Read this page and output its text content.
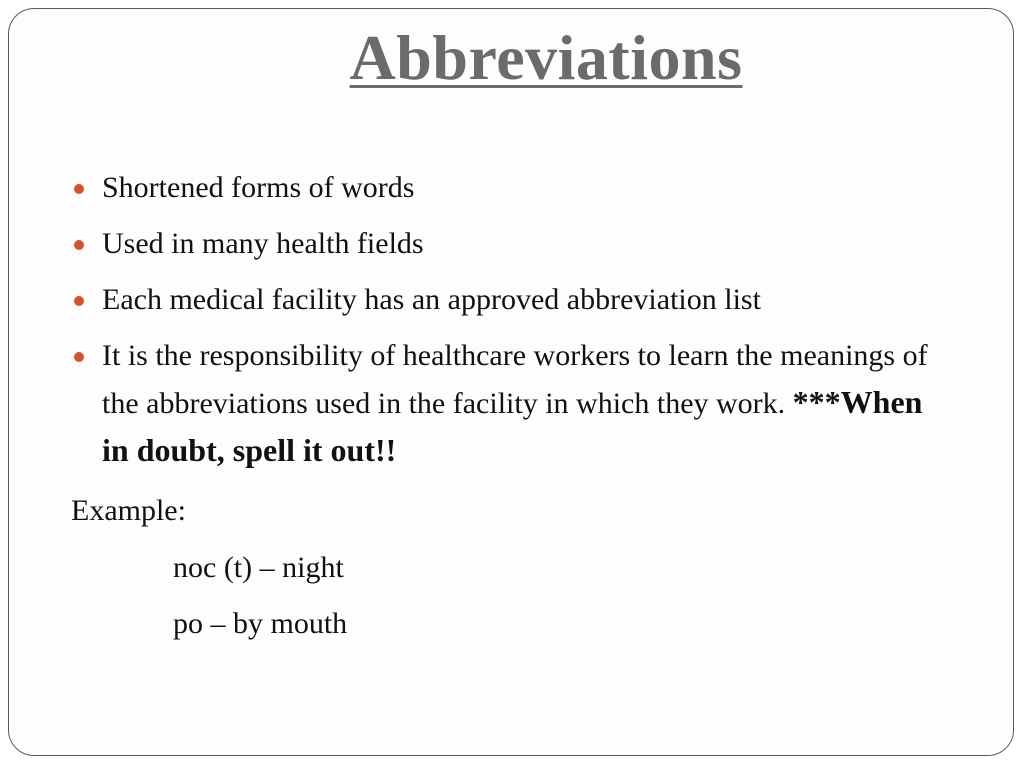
Abbreviations
Shortened forms of words
Used in many health fields
Each medical facility has an approved abbreviation list
It is the responsibility of healthcare workers to learn the meanings of the abbreviations used in the facility in which they work. ***When in doubt, spell it out!!
Example:
noc (t) – night
po – by mouth
